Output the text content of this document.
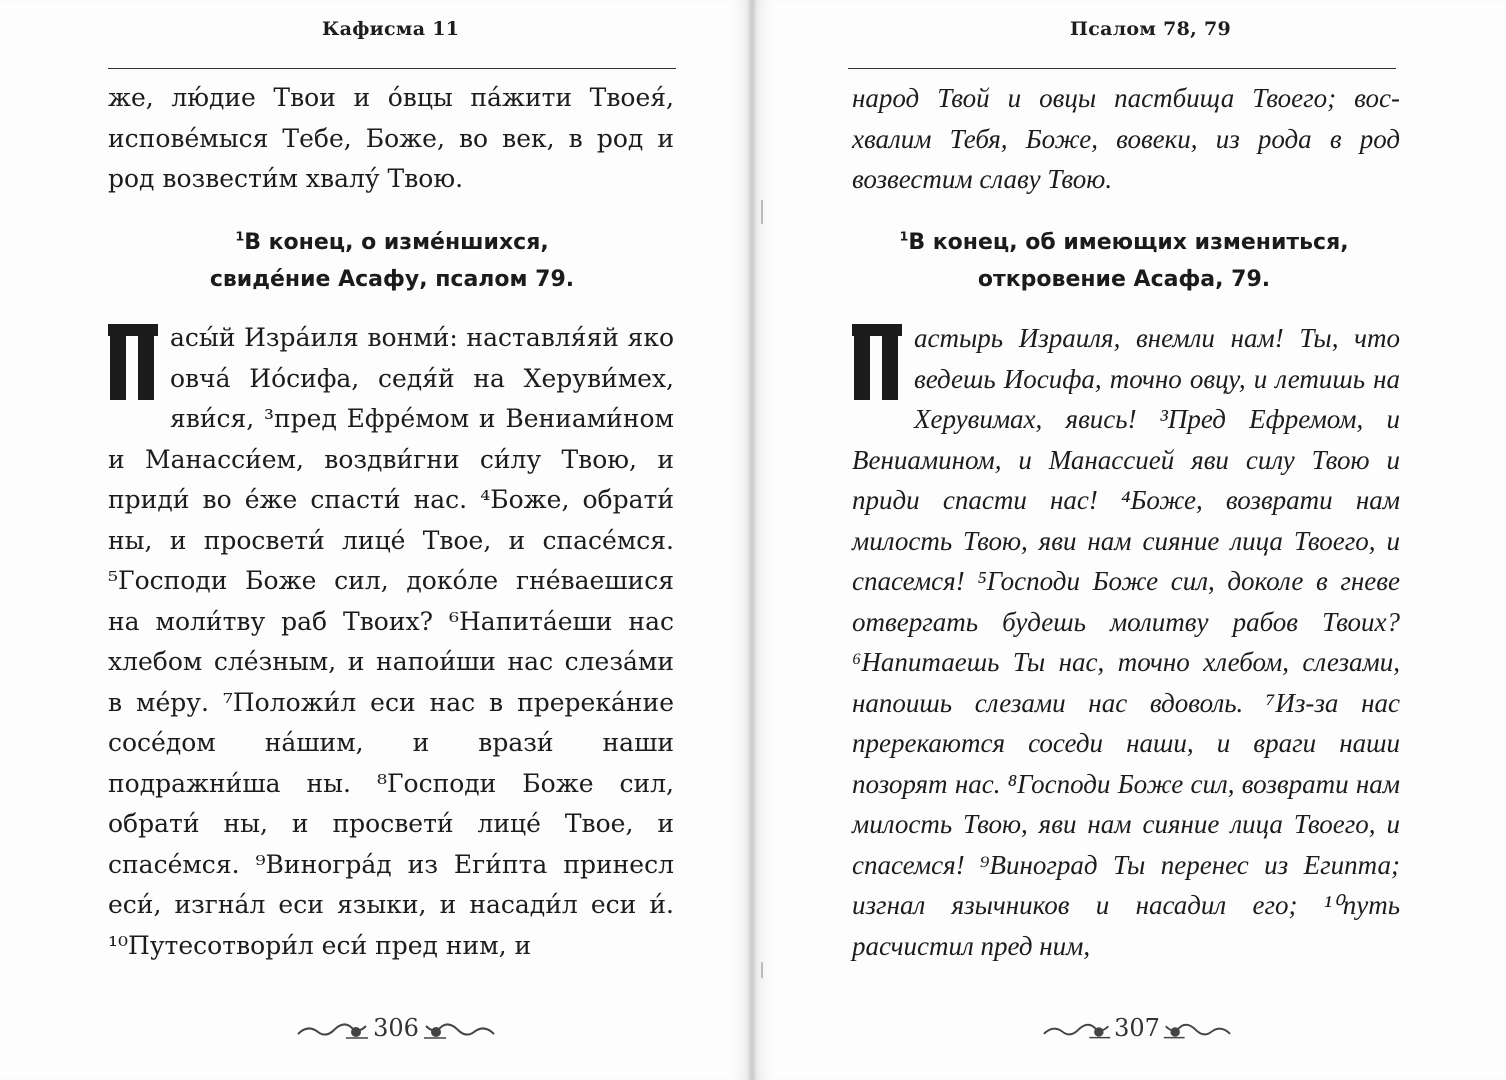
Кафисма 11
же, лю́дие Твои и о́вцы па́жити Твоея́,
испове́мыся Тебе, Боже, во век, в род и
род возвести́м хвалу́ Твою.
$^1$В конец, о изме́ншихся,
свиде́ние Асафу, псалом 79.
асы́й Изра́иля вонми́: наставля́яй яко овча́ Ио́сифа, седя́й на Херуви́мех, яви́ся, ³пред Ефре́мом и Вениами́ном и Манасси́ем, воздви́гни си́лу Твою, и приди́ во е́же спасти́ нас. ⁴Боже, обрати́ ны, и просвети́ лице́ Твое, и спасе́мся. ⁵Господи Боже сил, доко́ле гне́ваешися на моли́тву раб Твоих? ⁶Напита́еши нас хлебом сле́зным, и напои́ши нас слеза́ми в ме́ру. ⁷Положи́л еси нас в пререка́ние сосе́дом на́шим, и врази́ наши подражни́ша ны. ⁸Господи Боже сил, обрати́ ны, и просвети́ лице́ Твое, и спасе́мся. ⁹Виногра́д из Еги́пта принесл еси́, изгна́л еси языки, и насади́л еси и́. ¹⁰Путесотвори́л еси́ пред ним, и
306
Псалом 78, 79
народ Твой и овцы пастбища Твоего; вос-
хвалим Тебя, Боже, вовеки, из рода в род
возвестим славу Твою.
$^1$В конец, об имеющих измениться,
откровение Асафа, 79.
астырь Израиля, внемли нам! Ты, что ведешь Иосифа, точно овцу, и летишь на Херувимах, явись! ³Пред Ефремом, и Вениамином, и Манассией яви силу Твою и приди спасти нас! ⁴Боже, возврати нам милость Твою, яви нам сияние лица Твоего, и спасемся! ⁵Господи Боже сил, доколе в гневе отвергать будешь молитву рабов Твоих? ⁶Напитаешь Ты нас, точно хлебом, слезами, напоишь слезами нас вдоволь. ⁷Из-за нас пререкаются соседи наши, и враги наши позорят нас. ⁸Господи Боже сил, возврати нам милость Твою, яви нам сияние лица Твоего, и спасемся! ⁹Виноград Ты перенес из Египта; изгнал язычников и насадил его; ¹⁰путь расчистил пред ним,
307
